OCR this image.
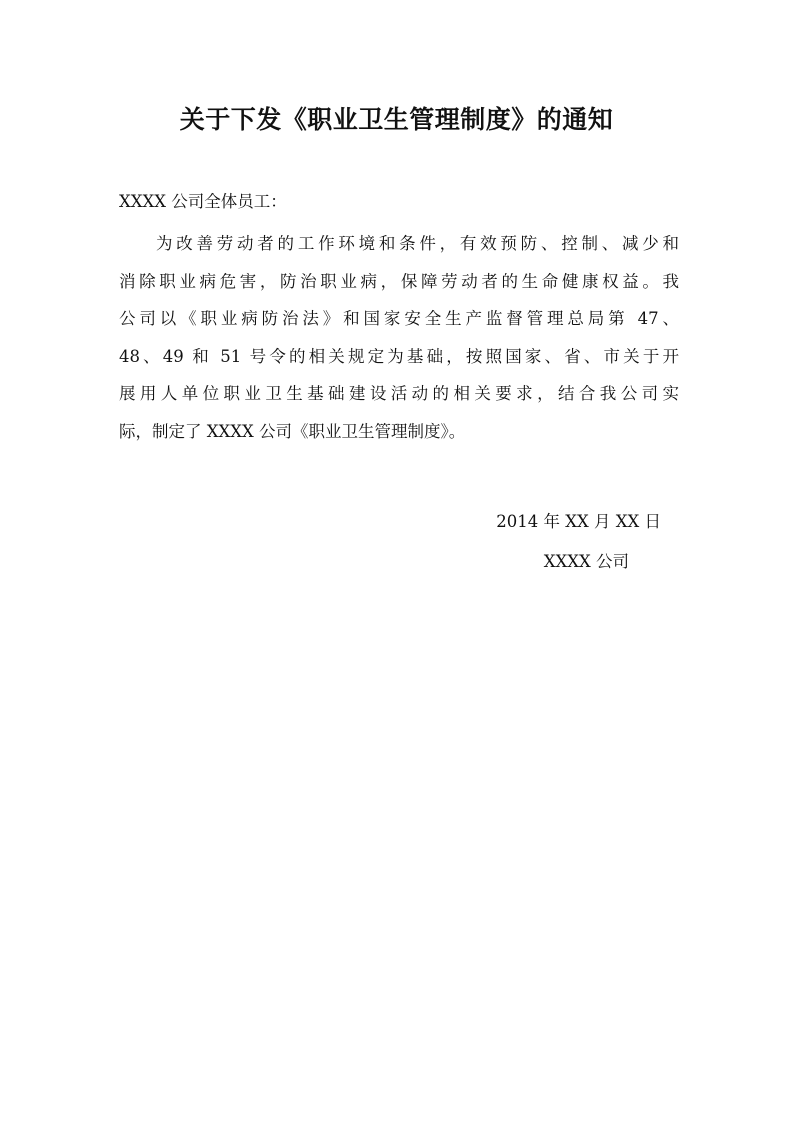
关于下发《职业卫生管理制度》的通知
XXXX 公司全体员工：
为改善劳动者的工作环境和条件，有效预防、控制、减少和
消除职业病危害，防治职业病，保障劳动者的生命健康权益。我
公司以《职业病防治法》和国家安全生产监督管理总局第 47、
48、49 和 51 号令的相关规定为基础，按照国家、省、市关于开
展用人单位职业卫生基础建设活动的相关要求，结合我公司实
际，制定了 XXXX 公司《职业卫生管理制度》。
2014 年 XX 月 XX 日
XXXX 公司
